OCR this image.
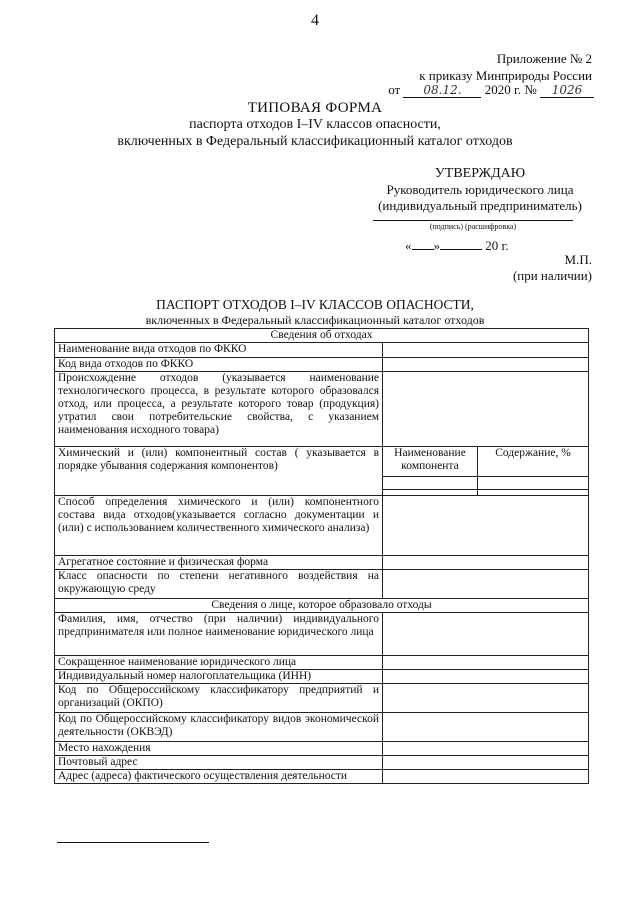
4
Приложение № 2
к приказу Минприроды России
от 08.12. 2020 г. № 1026
ТИПОВАЯ ФОРМА
паспорта отходов I–IV классов опасности,
включенных в Федеральный классификационный каталог отходов
УТВЕРЖДАЮ
Руководитель юридического лица
(индивидуальный предприниматель)
(подпись) (расшифровка)
« »	20 г.
М.П.
(при наличии)
ПАСПОРТ ОТХОДОВ I–IV КЛАССОВ ОПАСНОСТИ,
включенных в Федеральный классификационный каталог отходов
Сведения об отходах		
Наименование вида отходов по ФККО		
Код вида отходов по ФККО		
Происхождение отходов (указывается наименование технологического процесса, в результате которого образовался отход, или процесса, а результате которого товар (продукция) утратил свои потребительские свойства, с указанием наименования исходного товара)		
Химический и (или) компонентный состав ( указывается в порядке убывания содержания компонентов)	Наименование компонента	Содержание, %

Способ определения химического и (или) компонентного состава вида отходов(указывается согласно документации и (или) с использованием количественного химического анализа)		
Агрегатное состояние и физическая форма		
Класс опасности по степени негативного воздействия на окружающую среду		
Сведения о лице, которое образовало отходы		
Фамилия, имя, отчество (при наличии) индивидуального предпринимателя или полное наименование юридического лица		
Сокращенное наименование юридического лица		
Индивидуальный номер налогоплательщика (ИНН)		
Код по Общероссийскому классификатору предприятий и организаций (ОКПО)		
Код по Общероссийскому классификатору видов экономической деятельности (ОКВЭД)		
Место нахождения		
Почтовый адрес		
Адрес (адреса) фактического осуществления деятельности		
